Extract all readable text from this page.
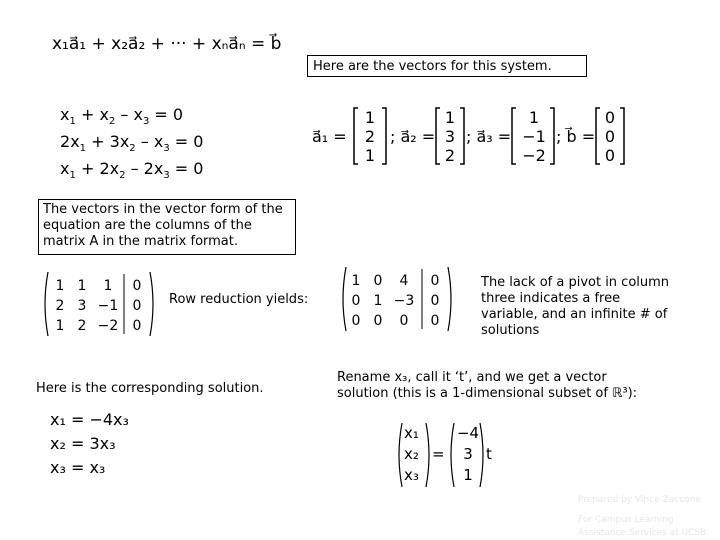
x₁a⃗₁ + x₂a⃗₂ + ··· + xₙa⃗ₙ = b⃗
Here are the vectors for this system.
$x_1 + x_2 - x_3 = 0$
$2x_1 + 3x_2 - x_3 = 0$
$x_1 + 2x_2 - 2x_3 = 0$
a⃗₁ =
1
2
1
; a⃗₂ =
1
3
2
; a⃗₃ =
1
−1
−2
; b⃗ =
0
0
0
The vectors in the vector form of the equation are the columns of the matrix A in the matrix format.
1 1 1 0
2 3 −1 0
1 2 −2 0
Row reduction yields:
1 0 4 0
0 1 −3 0
0 0 0 0
The lack of a pivot in column three indicates a free variable, and an infinite # of solutions
Here is the corresponding solution.
x₁ = −4x₃
x₂ = 3x₃
x₃ = x₃
Rename x₃, call it ‘t’, and we get a vector
solution (this is a 1-dimensional subset of ℝ³):
x₁
x₂
x₃
=
−4
3
1
t
Prepared by Vince Zaccone
For Campus Learning
Assistance Services at UCSB
